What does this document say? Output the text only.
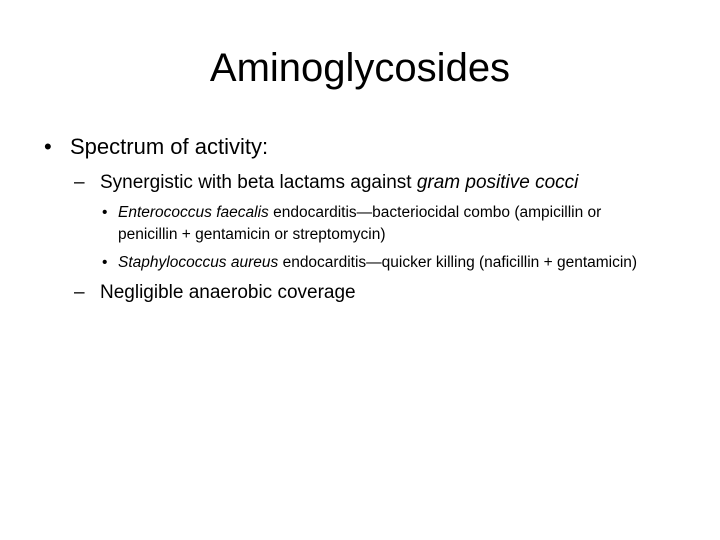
Aminoglycosides
• Spectrum of activity:
– Synergistic with beta lactams against gram positive cocci
• Enterococcus faecalis endocarditis—bacteriocidal combo (ampicillin or penicillin + gentamicin or streptomycin)
• Staphylococcus aureus endocarditis—quicker killing (naficillin + gentamicin)
– Negligible anaerobic coverage
